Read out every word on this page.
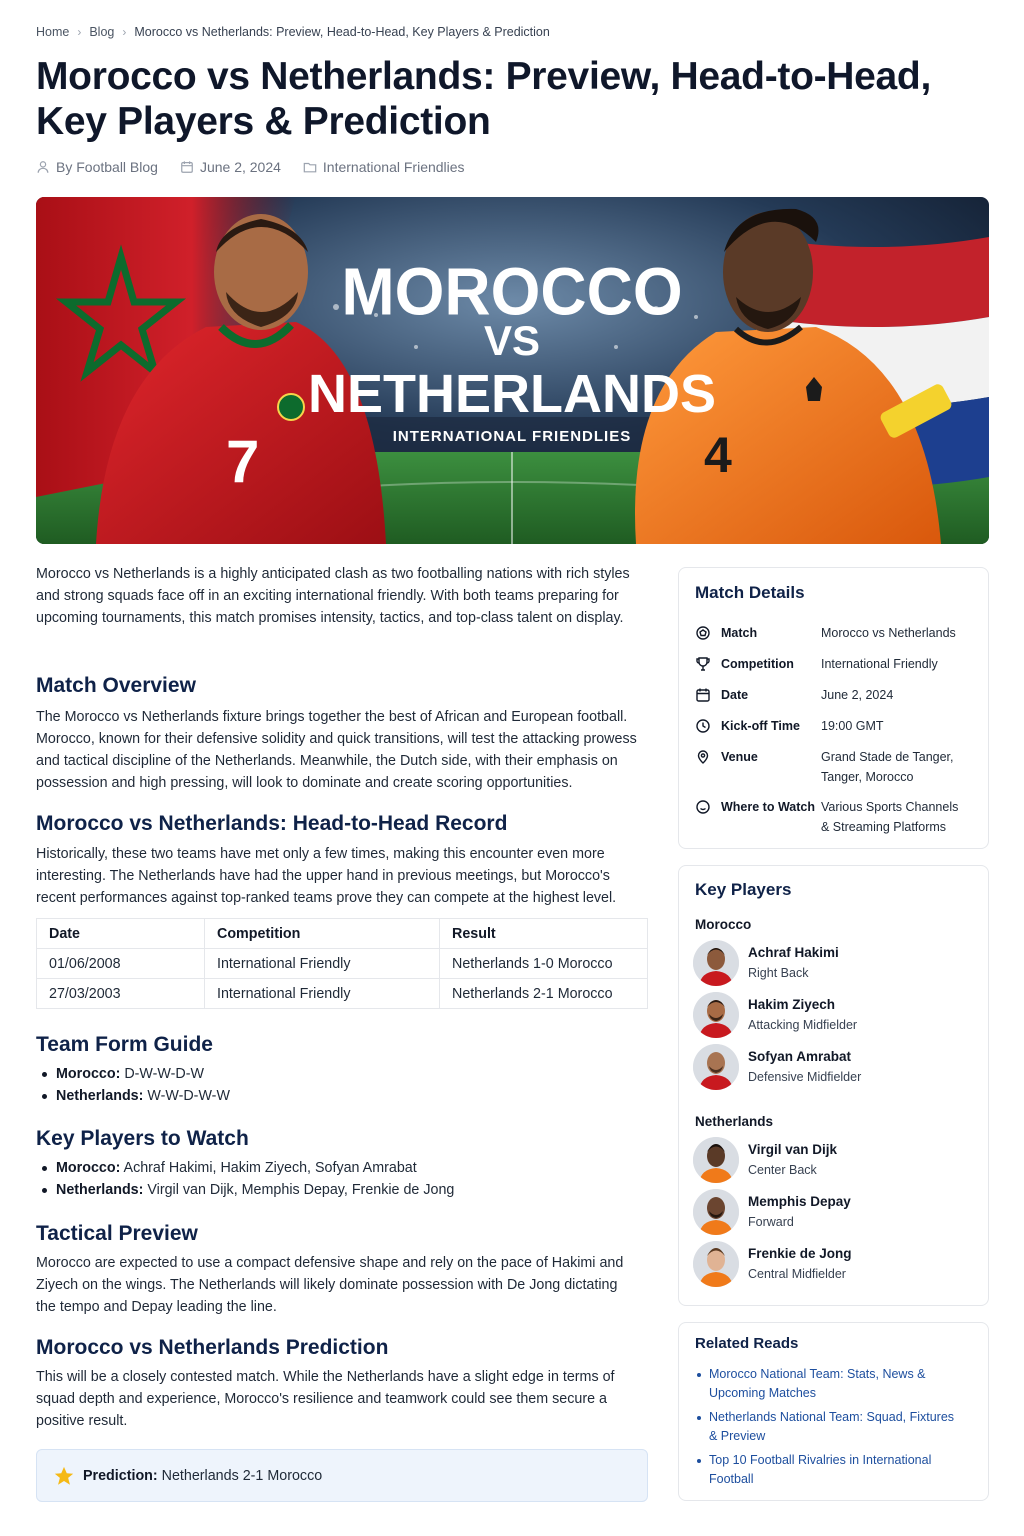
Home › Blog › Morocco vs Netherlands: Preview, Head-to-Head, Key Players & Prediction
Morocco vs Netherlands: Preview, Head-to-Head, Key Players & Prediction
By Football Blog	June 2, 2024	International Friendlies
7	4
MOROCCO
VS
NETHERLANDS
INTERNATIONAL FRIENDLIES

Morocco vs Netherlands is a highly anticipated clash as two footballing nations with rich styles and strong squads face off in an exciting international friendly. With both teams preparing for upcoming tournaments, this match promises intensity, tactics, and top-class talent on display.

Match Overview

The Morocco vs Netherlands fixture brings together the best of African and European football. Morocco, known for their defensive solidity and quick transitions, will test the attacking prowess and tactical discipline of the Netherlands. Meanwhile, the Dutch side, with their emphasis on possession and high pressing, will look to dominate and create scoring opportunities.

Morocco vs Netherlands: Head-to-Head Record

Historically, these two teams have met only a few times, making this encounter even more interesting. The Netherlands have had the upper hand in previous meetings, but Morocco's recent performances against top-ranked teams prove they can compete at the highest level.

Date	Competition	Result
01/06/2008	International Friendly	Netherlands 1-0 Morocco
27/03/2003	International Friendly	Netherlands 2-1 Morocco
Team Form Guide
Morocco: D-W-W-D-W
Netherlands: W-W-D-W-W
Key Players to Watch
Morocco: Achraf Hakimi, Hakim Ziyech, Sofyan Amrabat
Netherlands: Virgil van Dijk, Memphis Depay, Frenkie de Jong
Tactical Preview

Morocco are expected to use a compact defensive shape and rely on the pace of Hakimi and Ziyech on the wings. The Netherlands will likely dominate possession with De Jong dictating the tempo and Depay leading the line.

Morocco vs Netherlands Prediction

This will be a closely contested match. While the Netherlands have a slight edge in terms of squad depth and experience, Morocco's resilience and teamwork could see them secure a positive result.

Prediction: Netherlands 2-1 Morocco
Match Details
Match	Morocco vs Netherlands
Competition	International Friendly
Date	June 2, 2024
Kick-off Time	19:00 GMT
Venue	Grand Stade de Tanger, Tanger, Morocco
Where to Watch Various Sports Channels & Streaming Platforms
Key Players
Morocco
Achraf Hakimi
Right Back
Hakim Ziyech
Attacking Midfielder
Sofyan Amrabat
Defensive Midfielder
Netherlands
Virgil van Dijk
Center Back
Memphis Depay
Forward
Frenkie de Jong
Central Midfielder
Related Reads
Morocco National Team: Stats, News & Upcoming Matches
Netherlands National Team: Squad, Fixtures & Preview
Top 10 Football Rivalries in International Football
